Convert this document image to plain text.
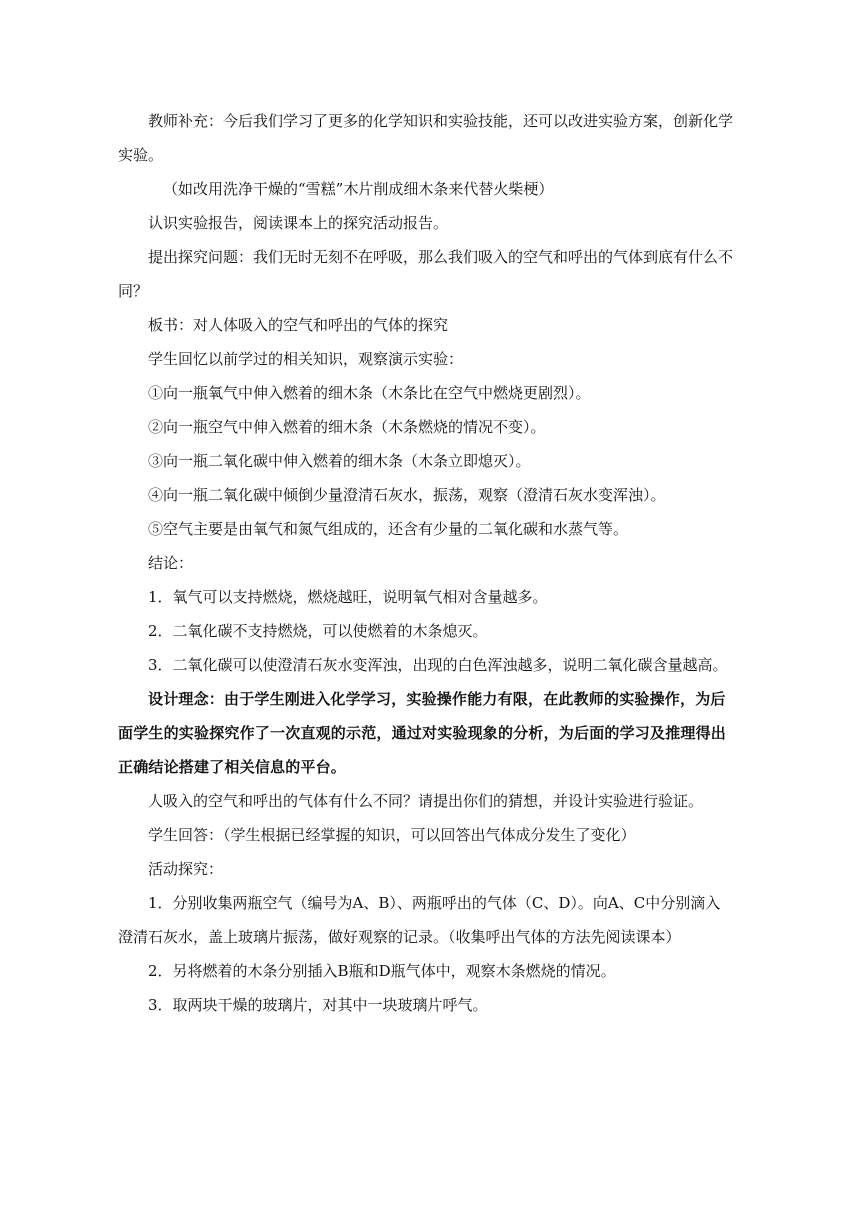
教师补充：今后我们学习了更多的化学知识和实验技能，还可以改进实验方案，创新化学实验。

（如改用洗净干燥的“雪糕”木片削成细木条来代替火柴梗）

认识实验报告，阅读课本上的探究活动报告。

提出探究问题：我们无时无刻不在呼吸，那么我们吸入的空气和呼出的气体到底有什么不同？

板书：对人体吸入的空气和呼出的气体的探究

学生回忆以前学过的相关知识，观察演示实验：

①向一瓶氧气中伸入燃着的细木条（木条比在空气中燃烧更剧烈）。

②向一瓶空气中伸入燃着的细木条（木条燃烧的情况不变）。

③向一瓶二氧化碳中伸入燃着的细木条（木条立即熄灭）。

④向一瓶二氧化碳中倾倒少量澄清石灰水，振荡，观察（澄清石灰水变浑浊）。

⑤空气主要是由氧气和氮气组成的，还含有少量的二氧化碳和水蒸气等。

结论：

1．氧气可以支持燃烧，燃烧越旺，说明氧气相对含量越多。

2．二氧化碳不支持燃烧，可以使燃着的木条熄灭。

3．二氧化碳可以使澄清石灰水变浑浊，出现的白色浑浊越多，说明二氧化碳含量越高。

设计理念：由于学生刚进入化学学习，实验操作能力有限，在此教师的实验操作，为后面学生的实验探究作了一次直观的示范，通过对实验现象的分析，为后面的学习及推理得出正确结论搭建了相关信息的平台。

人吸入的空气和呼出的气体有什么不同？请提出你们的猜想，并设计实验进行验证。

学生回答：（学生根据已经掌握的知识，可以回答出气体成分发生了变化）

活动探究：

1．分别收集两瓶空气（编号为A、B）、两瓶呼出的气体（C、D）。向A、C中分别滴入澄清石灰水，盖上玻璃片振荡，做好观察的记录。（收集呼出气体的方法先阅读课本）

2．另将燃着的木条分别插入B瓶和D瓶气体中，观察木条燃烧的情况。

3．取两块干燥的玻璃片，对其中一块玻璃片呼气。
